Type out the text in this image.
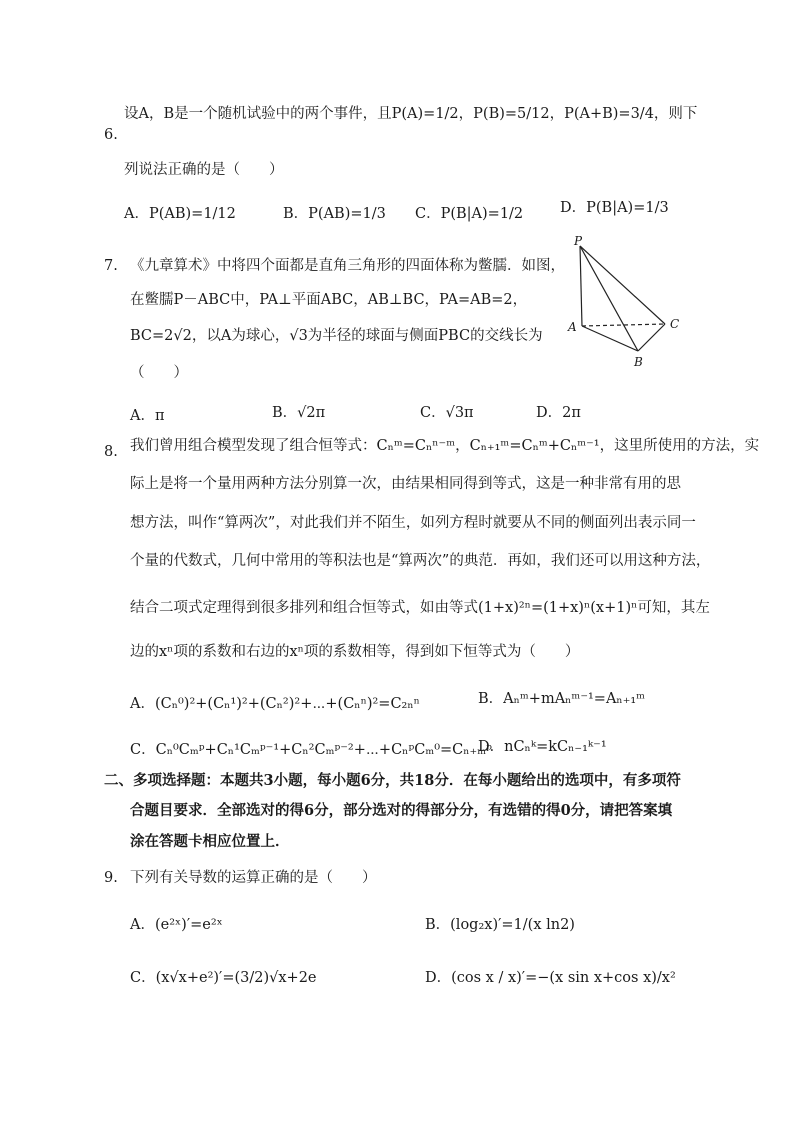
6.
设A，B是一个随机试验中的两个事件，且P(A)=1/2，P(B)=5/12，P(A+B)=3/4，则下
列说法正确的是（　　）
A．P(AB)=1/12	B．P(AB)=1/3 C．P(B|A)=1/2	D．P(B|A)=1/3
7. 《九章算术》中将四个面都是直角三角形的四面体称为鳖臑．如图，
在鳖臑P－ABC中，PA⊥平面ABC，AB⊥BC，PA=AB=2，
BC=2√2，以A为球心，√3为半径的球面与侧面PBC的交线长为
（　　）
A．π	B．√2π	C．√3π	D．2π
P
A
B
C
8. 我们曾用组合模型发现了组合恒等式：Cₙᵐ=Cₙⁿ⁻ᵐ，Cₙ₊₁ᵐ=Cₙᵐ+Cₙᵐ⁻¹，这里所使用的方法，实
际上是将一个量用两种方法分别算一次，由结果相同得到等式，这是一种非常有用的思
想方法，叫作“算两次”，对此我们并不陌生，如列方程时就要从不同的侧面列出表示同一
个量的代数式，几何中常用的等积法也是“算两次”的典范．再如，我们还可以用这种方法，
结合二项式定理得到很多排列和组合恒等式，如由等式(1+x)²ⁿ=(1+x)ⁿ(x+1)ⁿ可知，其左
边的xⁿ项的系数和右边的xⁿ项的系数相等，得到如下恒等式为（　　）
A．(Cₙ⁰)²+(Cₙ¹)²+(Cₙ²)²+⋯+(Cₙⁿ)²=C₂ₙⁿ	B．Aₙᵐ+mAₙᵐ⁻¹=Aₙ₊₁ᵐ
C．Cₙ⁰Cₘᵖ+Cₙ¹Cₘᵖ⁻¹+Cₙ²Cₘᵖ⁻²+⋯+CₙᵖCₘ⁰=Cₙ₊ₘᵖ
D．nCₙᵏ=kCₙ₋₁ᵏ⁻¹
二、多项选择题：本题共3小题，每小题6分，共18分．在每小题给出的选项中，有多项符
合题目要求．全部选对的得6分，部分选对的得部分分，有选错的得0分，请把答案填
涂在答题卡相应位置上．
9. 下列有关导数的运算正确的是（　　）
A．(e²ˣ)′=e²ˣ	B．(log₂x)′=1/(x ln2)
C．(x√x+e²)′=(3/2)√x+2e	D．(cos x / x)′=−(x sin x+cos x)/x²
